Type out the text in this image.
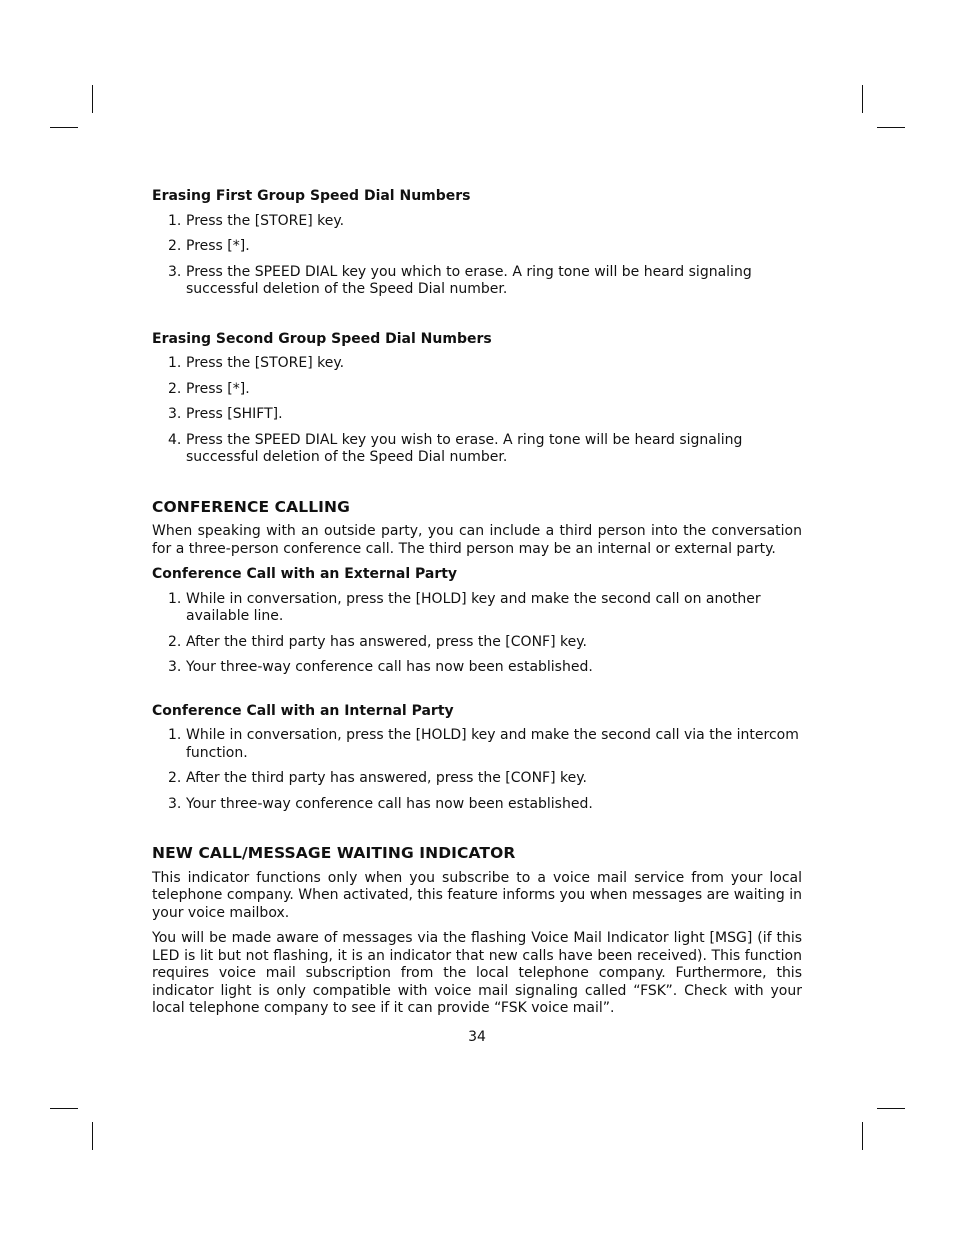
Erasing First Group Speed Dial Numbers
1. Press the [STORE] key.
2. Press [*].
3. Press the SPEED DIAL key you which to erase. A ring tone will be heard signaling successful deletion of the Speed Dial number.
Erasing Second Group Speed Dial Numbers
1. Press the [STORE] key.
2. Press [*].
3. Press [SHIFT].
4. Press the SPEED DIAL key you wish to erase. A ring tone will be heard signaling successful deletion of the Speed Dial number.
CONFERENCE CALLING

When speaking with an outside party, you can include a third person into the conversation for a three-person conference call. The third person may be an internal or external party.

Conference Call with an External Party
1. While in conversation, press the [HOLD] key and make the second call on another available line.
2. After the third party has answered, press the [CONF] key.
3. Your three-way conference call has now been established.
Conference Call with an Internal Party
1. While in conversation, press the [HOLD] key and make the second call via the intercom function.
2. After the third party has answered, press the [CONF] key.
3. Your three-way conference call has now been established.
NEW CALL/MESSAGE WAITING INDICATOR

This indicator functions only when you subscribe to a voice mail service from your local telephone company. When activated, this feature informs you when messages are waiting in your voice mailbox.

You will be made aware of messages via the flashing Voice Mail Indicator light [MSG] (if this LED is lit but not flashing, it is an indicator that new calls have been received). This function requires voice mail subscription from the local telephone company. Furthermore, this indicator light is only compatible with voice mail signaling called “FSK”. Check with your local telephone company to see if it can provide “FSK voice mail”.

34
